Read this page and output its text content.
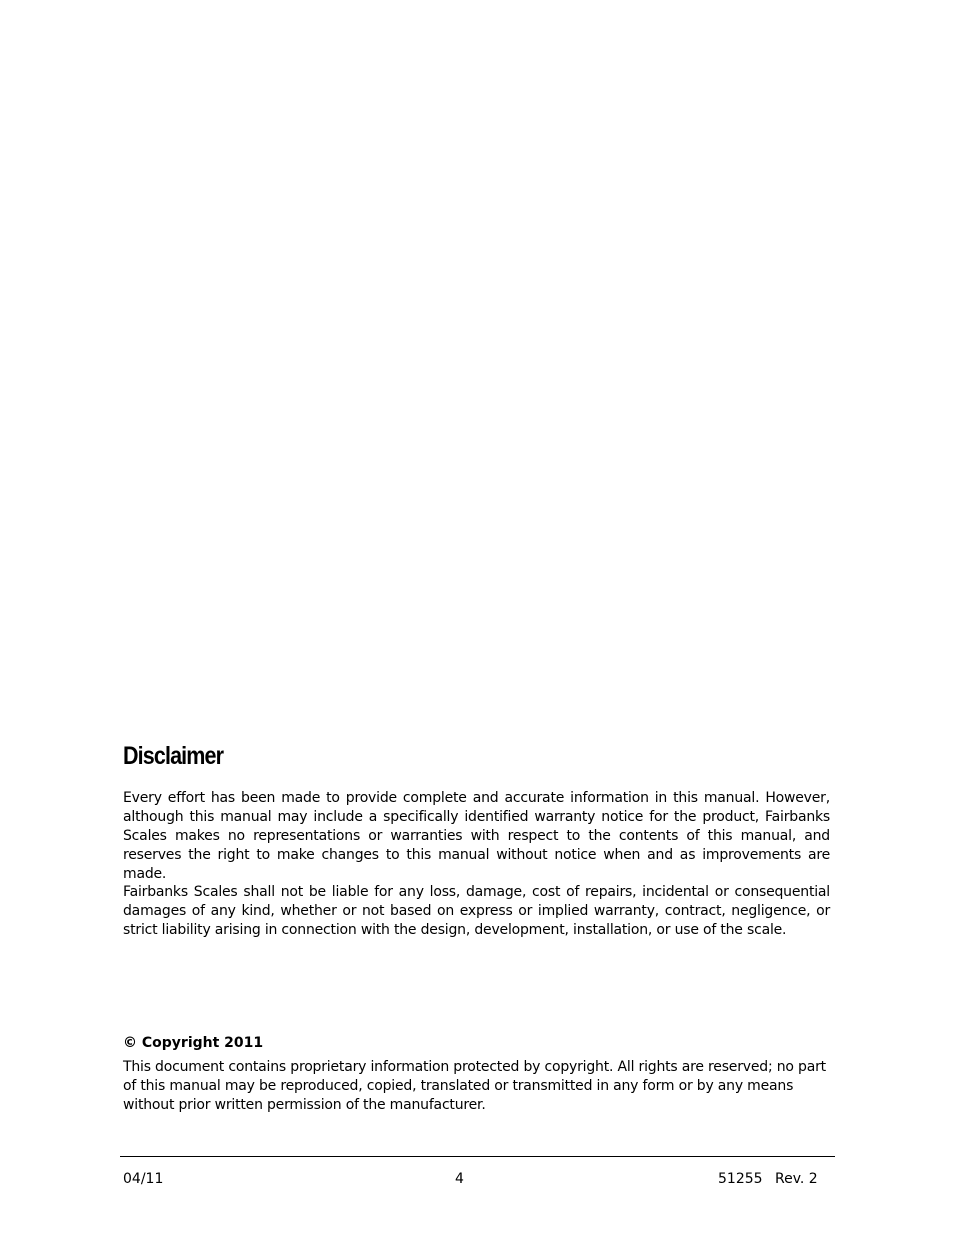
Disclaimer

Every effort has been made to provide complete and accurate information in this manual. However, although this manual may include a specifically identified warranty notice for the product, Fairbanks Scales makes no representations or warranties with respect to the contents of this manual, and reserves the right to make changes to this manual without notice when and as improvements are made.

Fairbanks Scales shall not be liable for any loss, damage, cost of repairs, incidental or consequential damages of any kind, whether or not based on express or implied warranty, contract, negligence, or strict liability arising in connection with the design, development, installation, or use of the scale.

© Copyright 2011

This document contains proprietary information protected by copyright. All rights are reserved; no part of this manual may be reproduced, copied, translated or transmitted in any form or by any means without prior written permission of the manufacturer.

04/11	4	51255 Rev. 2
